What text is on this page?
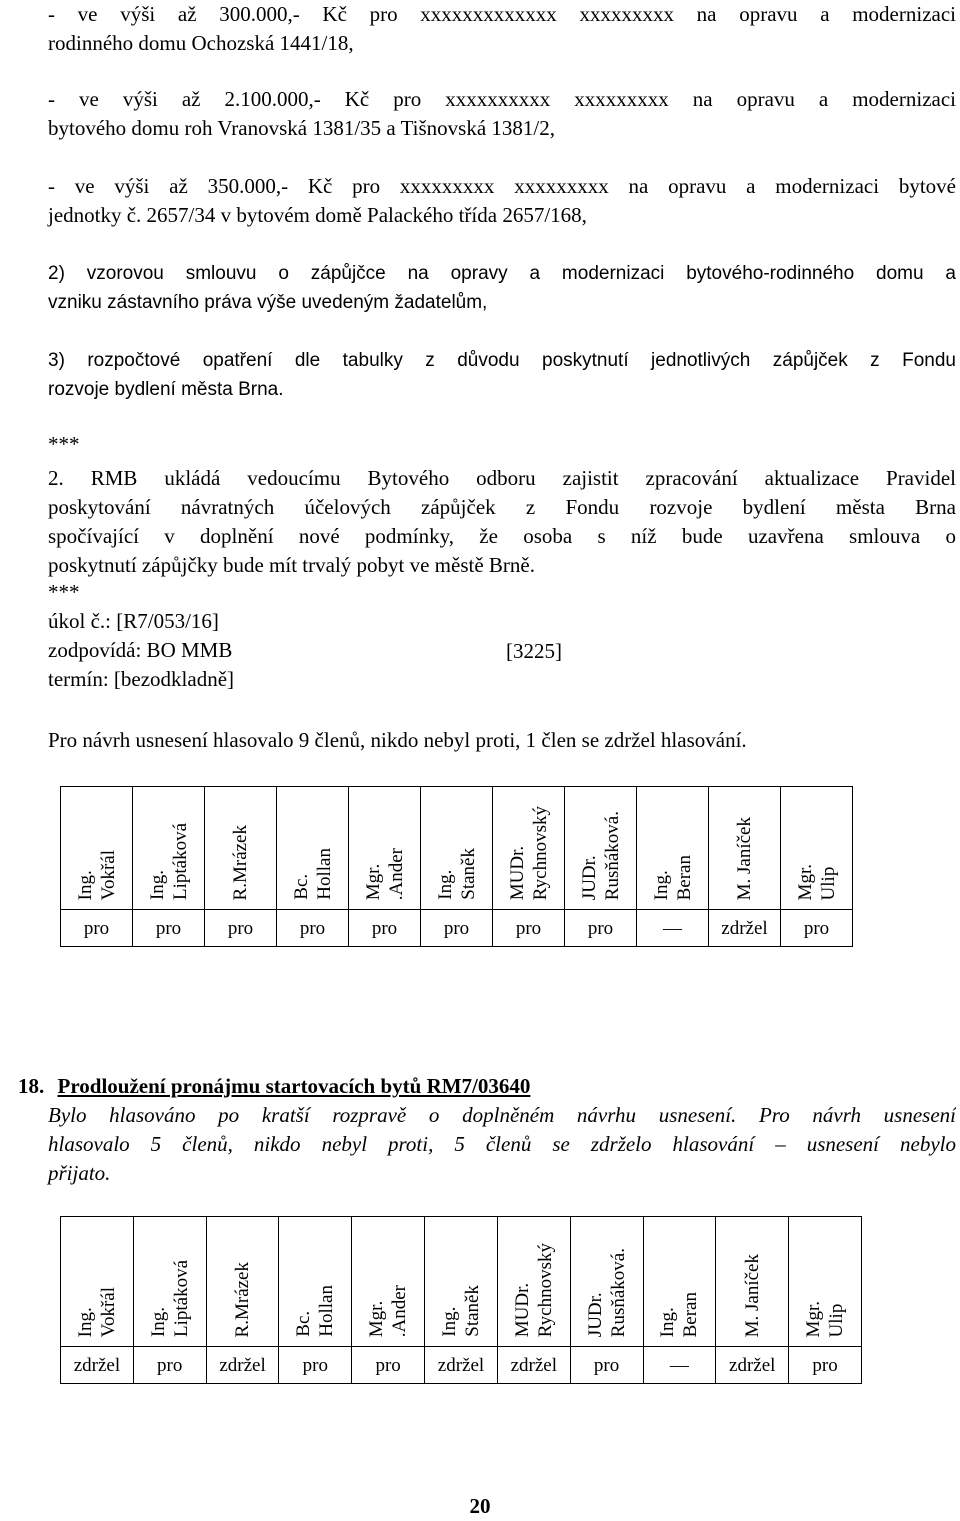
- ve výši až 300.000,- Kč pro xxxxxxxxxxxxx xxxxxxxxx na opravu a modernizaci
rodinného domu Ochozská 1441/18,
- ve výši až 2.100.000,- Kč pro xxxxxxxxxx xxxxxxxxx na opravu a modernizaci
bytového domu roh Vranovská 1381/35 a Tišnovská 1381/2,
- ve výši až 350.000,- Kč pro xxxxxxxxx xxxxxxxxx na opravu a modernizaci bytové
jednotky č. 2657/34 v bytovém domě Palackého třída 2657/168,
2) vzorovou smlouvu o zápůjčce na opravy a modernizaci bytového-rodinného domu a
vzniku zástavního práva výše uvedeným žadatelům,
3) rozpočtové opatření dle tabulky z důvodu poskytnutí jednotlivých zápůjček z Fondu
rozvoje bydlení města Brna.
***
2. RMB ukládá vedoucímu Bytového odboru zajistit zpracování aktualizace Pravidel
poskytování návratných účelových zápůjček z Fondu rozvoje bydlení města Brna
spočívající v doplnění nové podmínky, že osoba s níž bude uzavřena smlouva o
poskytnutí zápůjčky bude mít trvalý pobyt ve městě Brně.
***
úkol č.: [R7/053/16]
zodpovídá: BO MMB	[3225]
termín: [bezodkladně]
Pro návrh usnesení hlasovalo 9 členů, nikdo nebyl proti, 1 člen se zdržel hlasování.
Ing. Vokřál	Ing. Liptáková	R.Mrázek	Bc. Hollan	Mgr. .Ander	Ing. Staněk	MUDr. Rychnovský	JUDr. Rusňáková.	Ing. Beran	M. Janíček	Mgr. Ulip

pro	pro	pro	pro	pro	pro	pro	pro	––	zdržel	pro
18. Prodloužení pronájmu startovacích bytů RM7/03640
Bylo hlasováno po kratší rozpravě o doplněném návrhu usnesení. Pro návrh usnesení
hlasovalo 5 členů, nikdo nebyl proti, 5 členů se zdrželo hlasování – usnesení nebylo
přijato.
Ing. Vokřál	Ing. Liptáková	R.Mrázek	Bc. Hollan	Mgr. .Ander	Ing. Staněk	MUDr. Rychnovský	JUDr. Rusňáková.	Ing. Beran	M. Janíček	Mgr. Ulip

zdržel	pro	zdržel	pro	pro	zdržel	zdržel	pro	––	zdržel	pro
20
